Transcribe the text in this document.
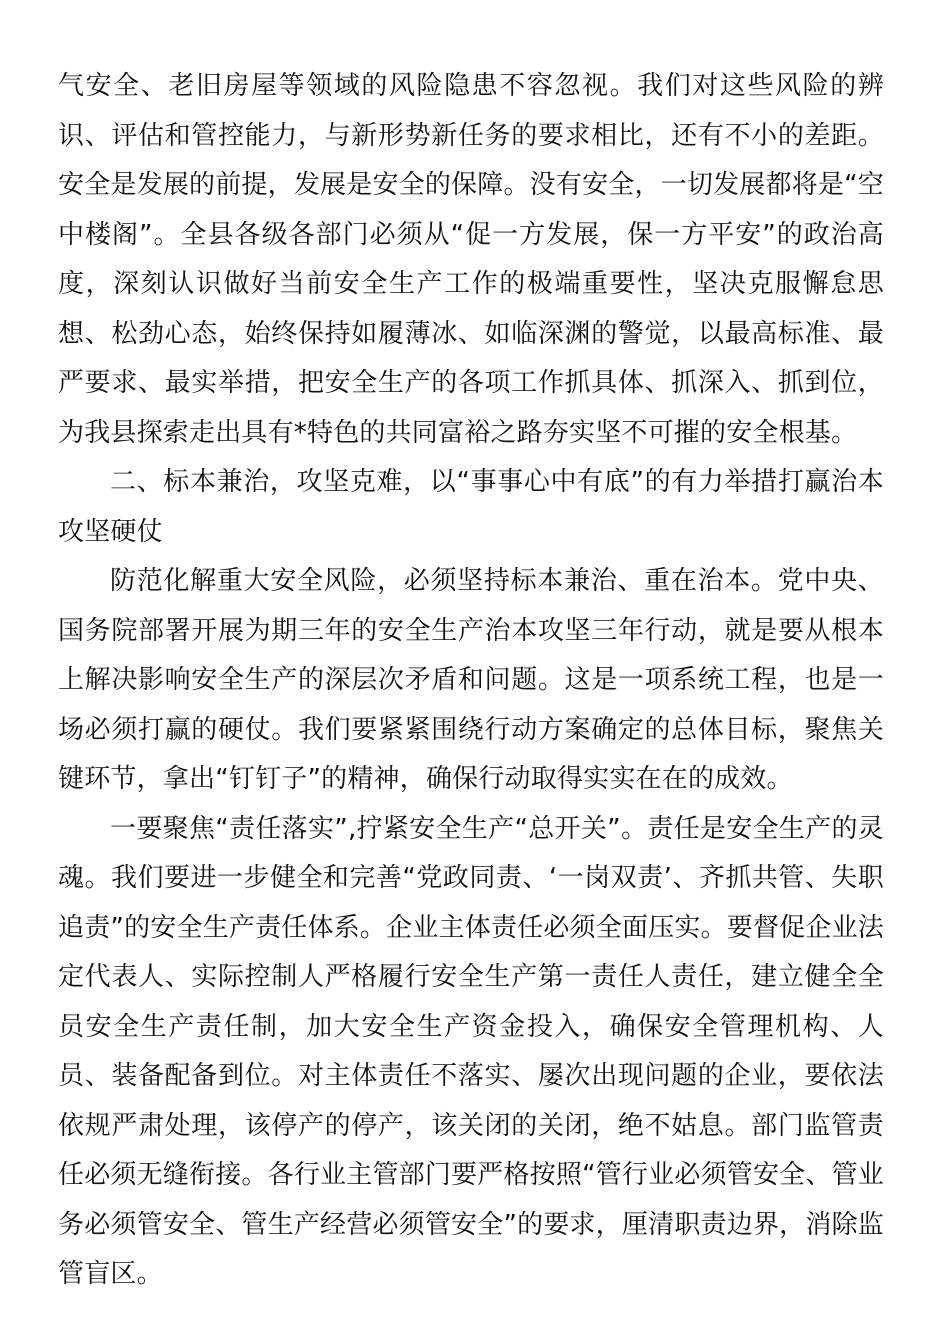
气安全、老旧房屋等领域的风险隐患不容忽视。我们对这些风险的辨识、评估和管控能力，与新形势新任务的要求相比，还有不小的差距。安全是发展的前提，发展是安全的保障。没有安全，一切发展都将是“空中楼阁”。全县各级各部门必须从“促一方发展，保一方平安”的政治高度，深刻认识做好当前安全生产工作的极端重要性，坚决克服懈怠思想、松劲心态，始终保持如履薄冰、如临深渊的警觉，以最高标准、最严要求、最实举措，把安全生产的各项工作抓具体、抓深入、抓到位，为我县探索走出具有*特色的共同富裕之路夯实坚不可摧的安全根基。

二、标本兼治，攻坚克难，以“事事心中有底”的有力举措打赢治本攻坚硬仗

防范化解重大安全风险，必须坚持标本兼治、重在治本。党中央、国务院部署开展为期三年的安全生产治本攻坚三年行动，就是要从根本上解决影响安全生产的深层次矛盾和问题。这是一项系统工程，也是一场必须打赢的硬仗。我们要紧紧围绕行动方案确定的总体目标，聚焦关键环节，拿出“钉钉子”的精神，确保行动取得实实在在的成效。

一要聚焦“责任落实”,拧紧安全生产“总开关”。责任是安全生产的灵魂。我们要进一步健全和完善“党政同责、‘一岗双责’、齐抓共管、失职追责”的安全生产责任体系。企业主体责任必须全面压实。要督促企业法定代表人、实际控制人严格履行安全生产第一责任人责任，建立健全全员安全生产责任制，加大安全生产资金投入，确保安全管理机构、人员、装备配备到位。对主体责任不落实、屡次出现问题的企业，要依法依规严肃处理，该停产的停产，该关闭的关闭，绝不姑息。部门监管责任必须无缝衔接。各行业主管部门要严格按照“管行业必须管安全、管业务必须管安全、管生产经营必须管安全”的要求，厘清职责边界，消除监管盲区。
